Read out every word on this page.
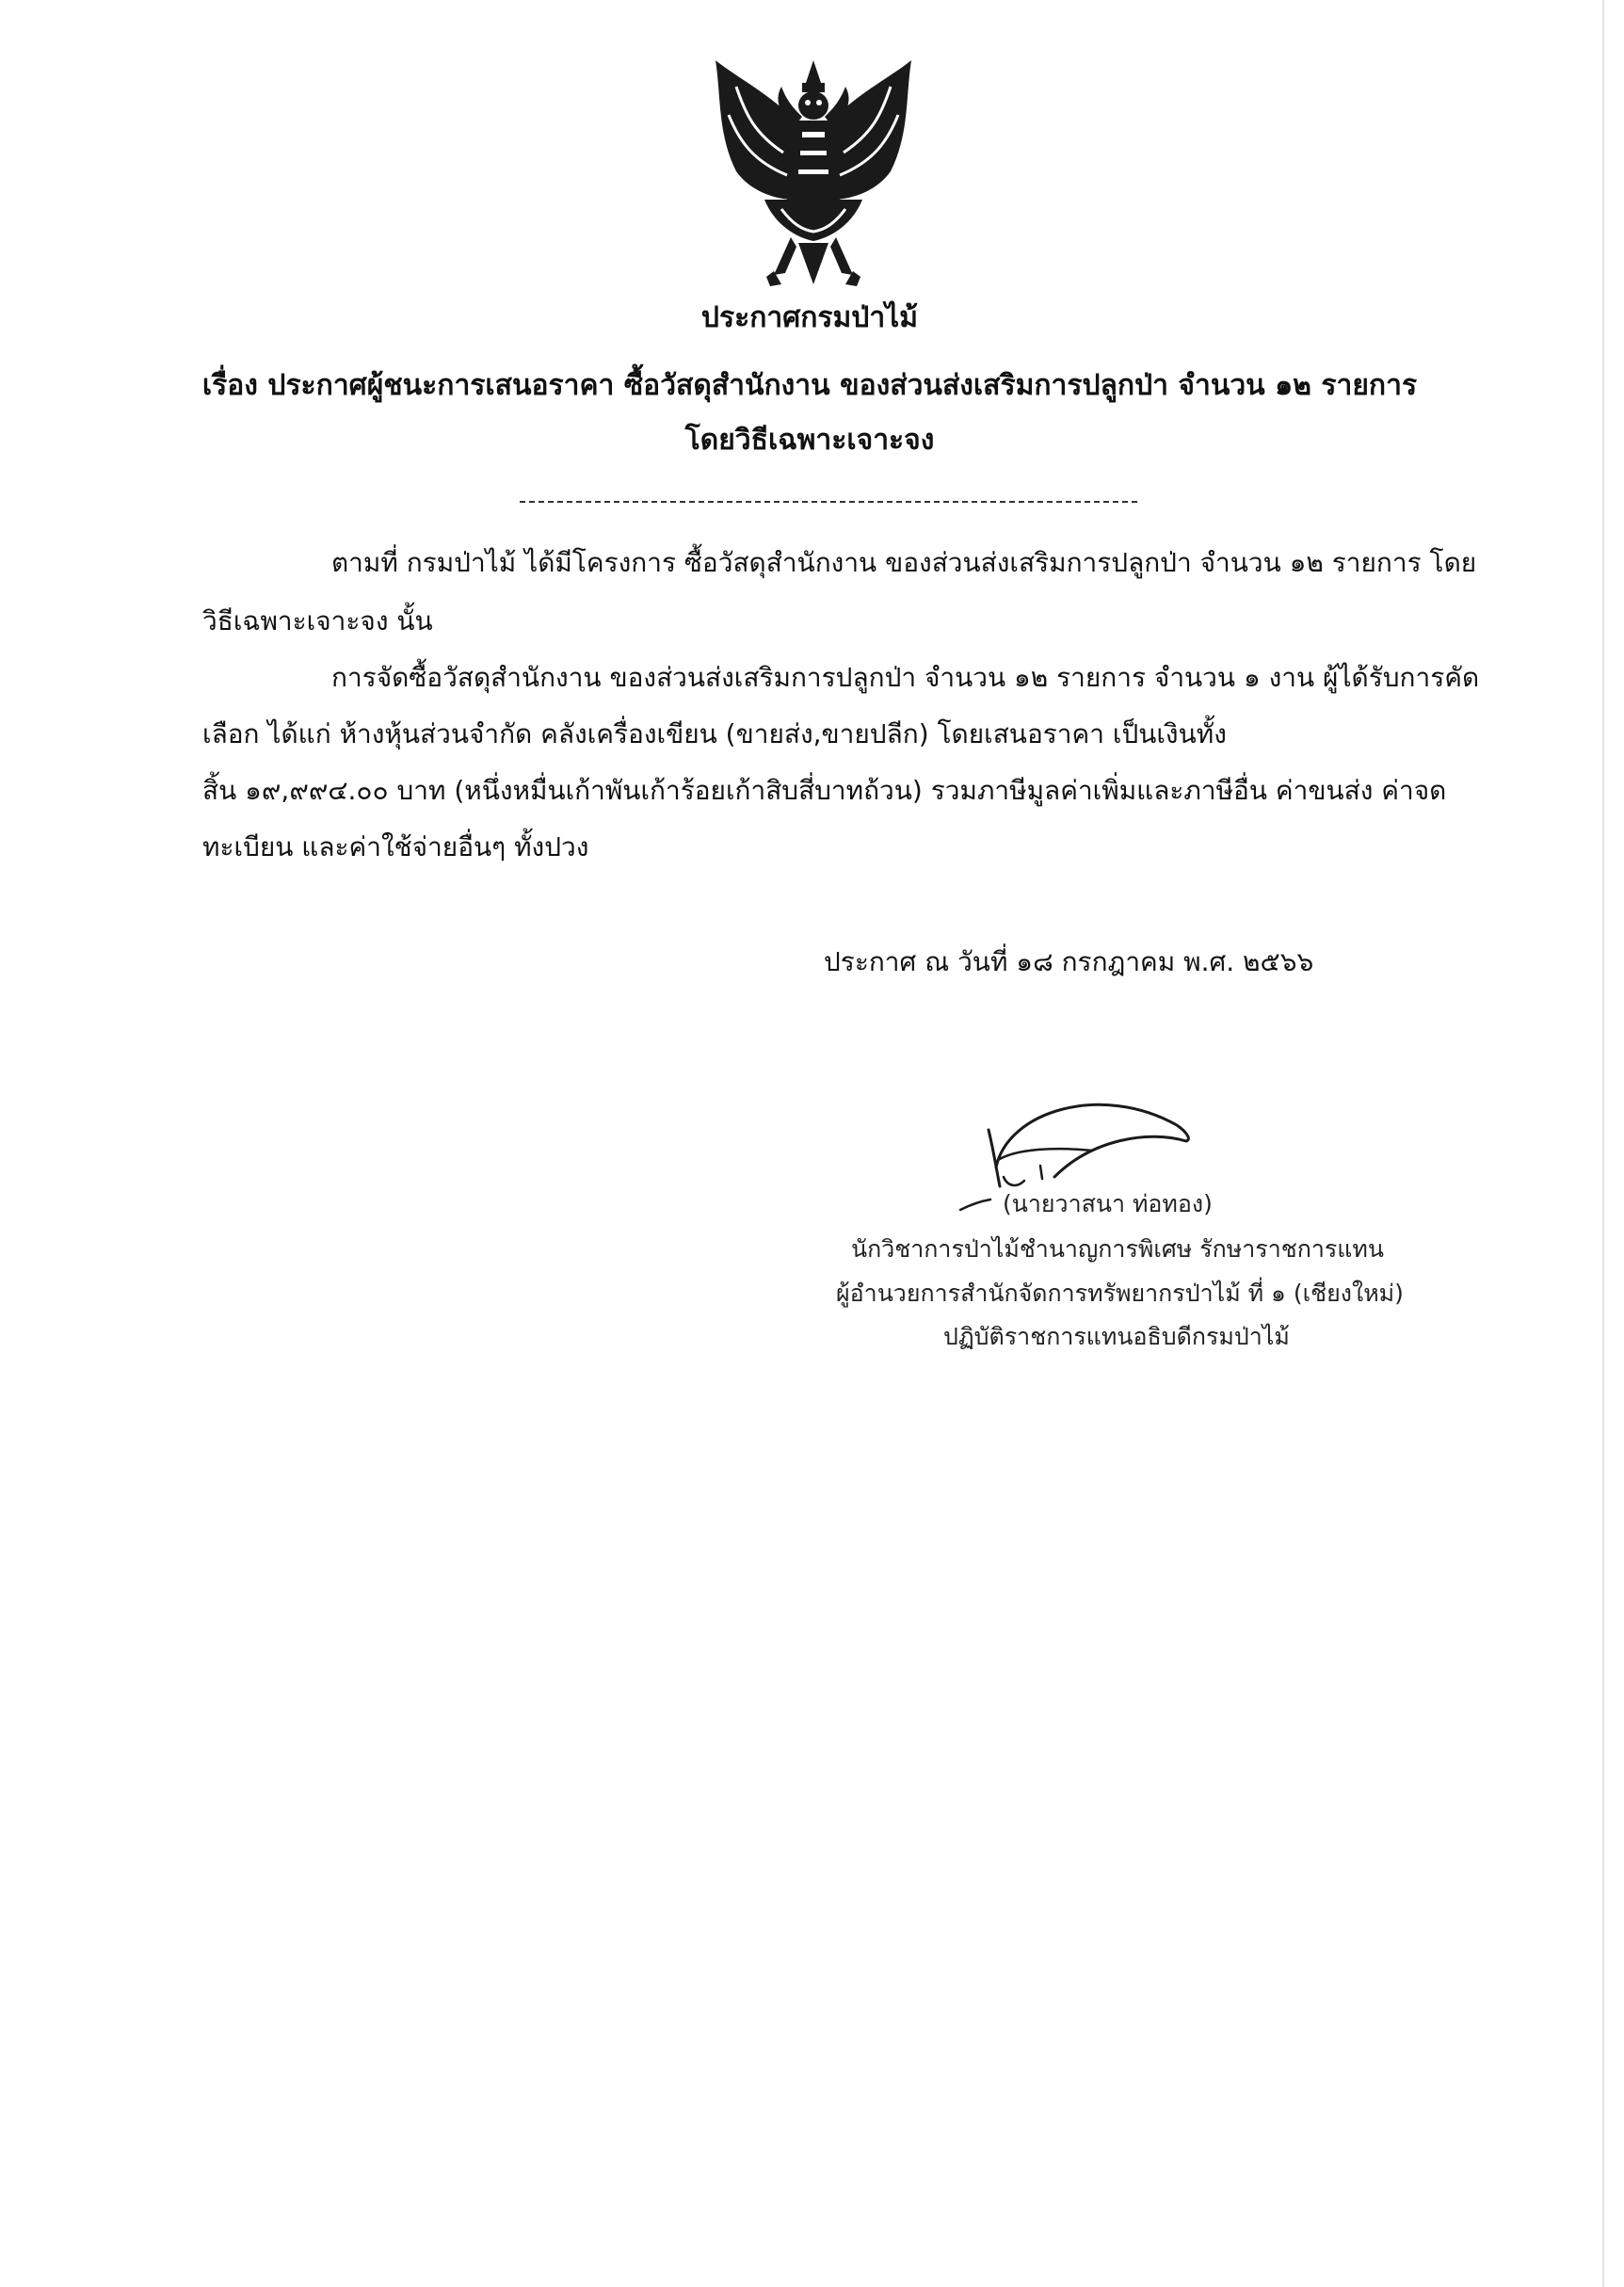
ประกาศกรมป่าไม้
เรื่อง ประกาศผู้ชนะการเสนอราคา ซื้อวัสดุสำนักงาน ของส่วนส่งเสริมการปลูกป่า จำนวน ๑๒ รายการ
โดยวิธีเฉพาะเจาะจง
ตามที่ กรมป่าไม้ ได้มีโครงการ ซื้อวัสดุสำนักงาน ของส่วนส่งเสริมการปลูกป่า จำนวน ๑๒ รายการ โดย
วิธีเฉพาะเจาะจง นั้น
การจัดซื้อวัสดุสำนักงาน ของส่วนส่งเสริมการปลูกป่า จำนวน ๑๒ รายการ จำนวน ๑ งาน ผู้ได้รับการคัด
เลือก ได้แก่ ห้างหุ้นส่วนจำกัด คลังเครื่องเขียน (ขายส่ง,ขายปลีก) โดยเสนอราคา เป็นเงินทั้ง
สิ้น ๑๙,๙๙๔.๐๐ บาท (หนึ่งหมื่นเก้าพันเก้าร้อยเก้าสิบสี่บาทถ้วน) รวมภาษีมูลค่าเพิ่มและภาษีอื่น ค่าขนส่ง ค่าจด
ทะเบียน และค่าใช้จ่ายอื่นๆ ทั้งปวง
ประกาศ ณ วันที่ ๑๘ กรกฎาคม พ.ศ. ๒๕๖๖
(นายวาสนา ท่อทอง)
นักวิชาการป่าไม้ชำนาญการพิเศษ รักษาราชการแทน
ผู้อำนวยการสำนักจัดการทรัพยากรป่าไม้ ที่ ๑ (เชียงใหม่)
ปฏิบัติราชการแทนอธิบดีกรมป่าไม้
